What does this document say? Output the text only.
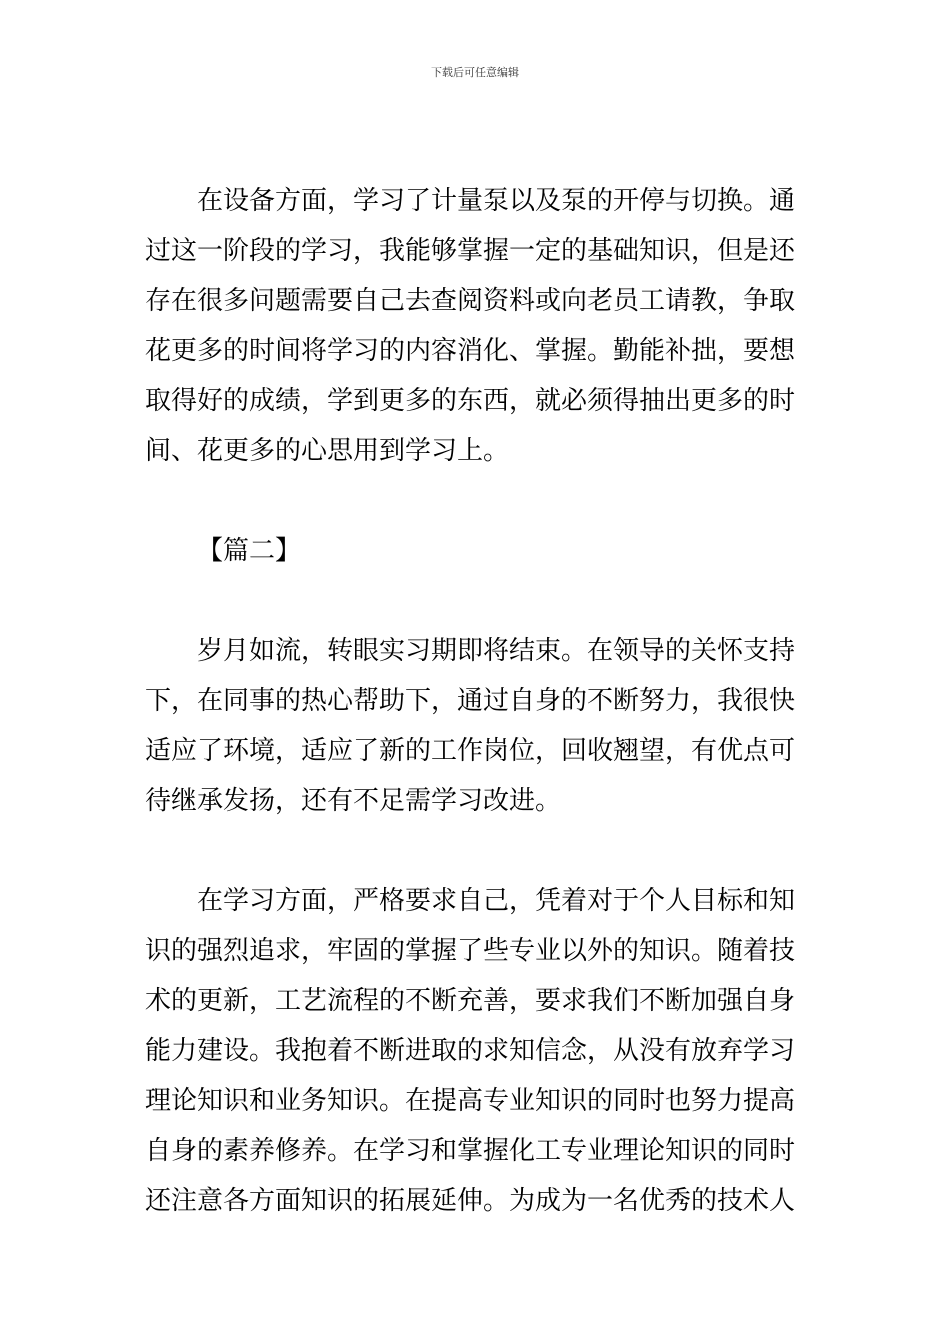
下载后可任意编辑
在设备方面，学习了计量泵以及泵的开停与切换。通
过这一阶段的学习，我能够掌握一定的基础知识，但是还
存在很多问题需要自己去查阅资料或向老员工请教，争取
花更多的时间将学习的内容消化、掌握。勤能补拙，要想
取得好的成绩，学到更多的东西，就必须得抽出更多的时
间、花更多的心思用到学习上。
【篇二】
岁月如流，转眼实习期即将结束。在领导的关怀支持
下，在同事的热心帮助下，通过自身的不断努力，我很快
适应了环境，适应了新的工作岗位，回收翘望，有优点可
待继承发扬，还有不足需学习改进。
在学习方面，严格要求自己，凭着对于个人目标和知
识的强烈追求，牢固的掌握了些专业以外的知识。随着技
术的更新，工艺流程的不断充善，要求我们不断加强自身
能力建设。我抱着不断进取的求知信念，从没有放弃学习
理论知识和业务知识。在提高专业知识的同时也努力提高
自身的素养修养。在学习和掌握化工专业理论知识的同时
还注意各方面知识的拓展延伸。为成为一名优秀的技术人
